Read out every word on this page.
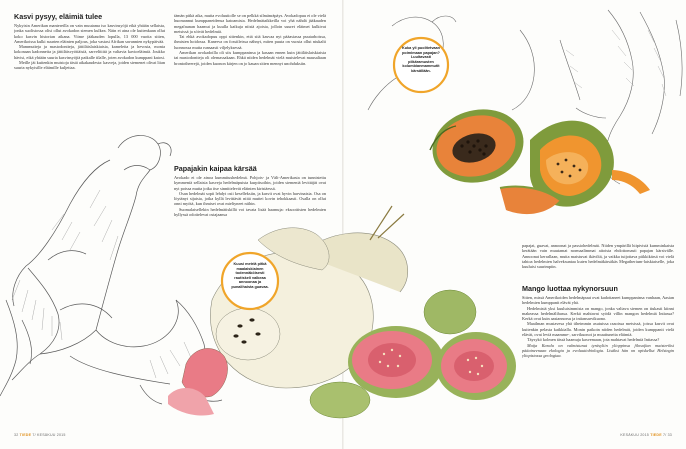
Kasvi pysyy, eläimiä tulee

Nykyisin Amerikan mantereilla on vain muutama iso kasvinsyöjä eikä yhtään sellaista, jonka suolistossa olisi ollut avokadon siemen kulkea. Näin ei aina ole kuitenkaan ollut koko kasvin historian aikana. Viime jääkauden lopulla, 13 000 vuotta sitten, Amerikoissa kulki suurten eläinten paljous, joka vastasi Afrikan savannien nykypäivää.

Mammutteja ja mastodontteja, jättiläislaiskiaisia, kameleita ja hevosia, monia kokonaan kadonneita ja jättiläisvyötiäisiä, sarvelitiitä ja valtavia kavioeläimiä. Joukko hävisi, eikä yhtään suuria kasvinsyöjiä paikalle tilalle, joten avokadon kumppani katosi.

Meille jäi kuitenkin muistoja tästä aikakaudesta: kasveja, joiden siemenet olivat liian suuria nykyisille eläimille kuljettaa.

tämän pitkä aika, mutta evoluutiolle se on pelkkä silmänräpäys. Avokadopuu ei ole vielä huomannut kumppaneidensa katoamista. Hedelmätaikkeilla voi yhä nähdä jääkauden megafaunan haamut ja kuulla kaikuja niistä ajoista, jolloin suuret eläimet kulkivat metsissä ja söivät hedelmiä.

Tai ehkä avokadopuu oppi sittenkin, että sitä kasvaa nyt pääasiassa puutarhoissa, ihmisten hoidossa. Kanerva on fossiileissa nähnyt, miten puuta on vuosia ollut niukalti luonnossa mutta runsaasti viljelyksessä.

Amerikan avokadoilla oli siis kumppaninsa ja kasaan ennen kuin jättiläislaiskiaisia tai mastodontteja oli olemassakaan. Ehkä niiden hedelmät vielä muistelevat mausaliaan brontotheerejä, joiden kuonon kärjen on jo kauan sitten mennyt unohduksiin.

Papajakin kaipaa kärsää

Avokado ei ole ainoa kummitushedelmä. Pohjois- ja Väli-Amerikasta on tunnistettu kymmeniä sellaisia kasveja hedelmäpuista kurpitsoihin, joiden siemeniä levittäjät ovat nyt poissa mutta jotka itse sinnittelevät eläinten kiristäessä.

Osan hedelmät sopii lehdyt osii keselleksiin, ja kasvit ovat hyvin harvinaisia. Osa on löytänyt sijaisia, jotka kyllä levittävät niitä muttei kovin tehokkaasti. Osalla on ollut onni myötä, kun ihmiset ovat mieltyneet niihin.

Suomalaisellekin hedelmätiskillä voi tavata lisää haamuja: eksoottisten hedelmien hyllyssä odottelevat ostajaansa

papajat, guavat, annoonat ja passiohedelmät. Niiden ympärillä hiipivistä kumminkaista kerätään vain muutamat normaalimmat aitoista ehdottomasti papajan kärsivälle. Annoonat kerrallaan, mutta maistuvat ikäviltä, ja vaikka tuijottava piikkikärsä voi vielä tahtoa hedelmien halveksuntaa kuten hedelmäkärsäkäs Megatherium-laiskiaiselle, joka kuuluisi suurimpiin.

Mango luottaa nykynorsuun

Sitten, missä Amerikoiden hedelmäpuut ovat kadottaneet kumppaninsa vanhaan, Aasian hedelmien kumppanit elävät yhä.

Hedelmistä yksi kuuluisimmista on mango, jonka valtava siemen on tiukasti kiinni makeassa hedelmälihassa. Kerkä mahtavat syödä villin mangon hedelmiä Intiassa? Kerkä ovat kuin aasiannorsu ja intiansarvikuono.

Maailman mustavesa yhä tiheimmin asutuissa raaoissa metsissä, joissa kasvit ovat kuitenkin pelasta kaikkialla. Monin paikoin niiden hedelmät, joiden kumppanit vielä elävät, ovat leviä maamme-, sarvikuonot ja muuttuneita eläimiä.

Täysykö kolmen tässä haamuja kasvemaan, jota mahtavat hedelmiä Intiassa?

Maija Karala on valmistunut tyräsyliin ylioppinsa filosofian maisteriksi pääaineenaan ekologia ja evoluutiobiologia. Lisäksi hän on opiskellut Helsingin yliopistossa geologiaa.

Kuka yli puolitetvaan poimimaan papajan? Luultavasti piikäramusten kolumbianmammutit kärsällään.
Kuusi metriä pitkä maalaiskiainen todennäköisesti rautiskeli valkeaa annoonaa ja punalihaista guavaa.
32 TIEDE 7/ KESÄKUU 2015	KESÄKUU 2015 TIEDE 7/ 33
